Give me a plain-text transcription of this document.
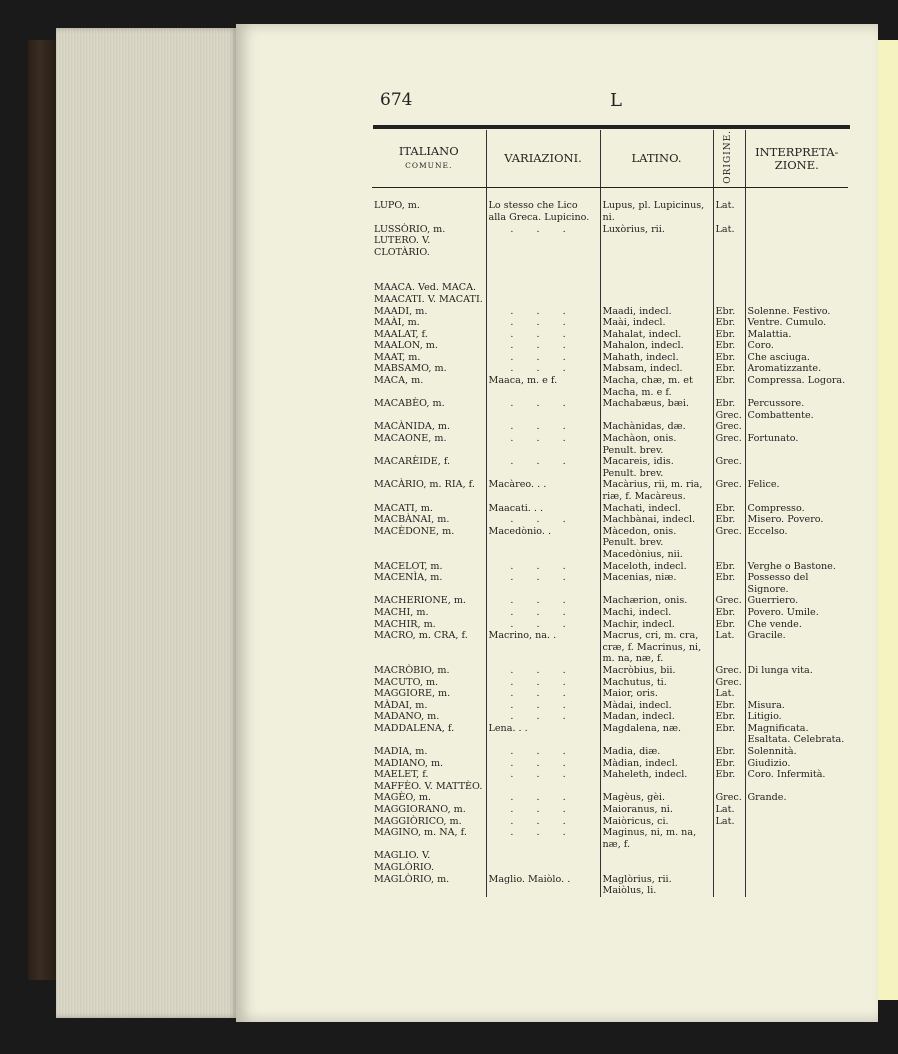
674	L
ITALIANO
COMUNE.	VARIAZIONI.	LATINO.	ORIGINE.	INTERPRETA-ZIONE.

LUPO, m.	Lo stesso che Lico alla Greca. Lupicino.	Lupus, pl. Lupicinus, ni.	Lat.	
LUSSÒRIO, m.	. . .	Luxòrius, rii.	Lat.	
LUTERO. V. CLOTÀRIO.				

MAACA. Ved. MACA.				
MAACATI. V. MACATI.				
MAADI, m.	. . .	Maadi, indecl.	Ebr.	Solenne. Festivo.
MAÀI, m.	. . .	Maài, indecl.	Ebr.	Ventre. Cumulo.
MAALAT, f.	. . .	Mahalat, indecl.	Ebr.	Malattia.
MAALON, m.	. . .	Mahalon, indecl.	Ebr.	Coro.
MAAT, m.	. . .	Mahath, indecl.	Ebr.	Che asciuga.
MABSAMO, m.	. . .	Mabsam, indecl.	Ebr.	Aromatizzante.
MACA, m.	Maaca, m. e f.	Macha, chæ, m. et Macha, m. e f.	Ebr.	Compressa. Logora.
MACABÈO, m.	. . .	Machabæus, bæi.	Ebr. Grec.	Percussore. Combattente.
MACÀNIDA, m.	. . .	Machànidas, dæ.	Grec.	
MACAONE, m.	. . .	Machàon, onis. Penult. brev.	Grec.	Fortunato.
MACARÈIDE, f.	. . .	Macareis, idis. Penult. brev.	Grec.	
MACÀRIO, m. RIA, f.	Macàreo. . .	Macàrius, rii, m. ria, riæ, f. Macàreus.	Grec.	Felice.
MACATI, m.	Maacati. . .	Machati, indecl.	Ebr.	Compresso.
MACBÀNAI, m.	. . .	Machbànai, indecl.	Ebr.	Misero. Povero.
MACÈDONE, m.	Macedònio. .	Màcedon, onis. Penult. brev. Macedònius, nii.	Grec.	Eccelso.
MACELOT, m.	. . .	Maceloth, indecl.	Ebr.	Verghe o Bastone.
MACENÌA, m.	. . .	Macenias, niæ.	Ebr.	Possesso del Signore.
MACHERIONE, m.	. . .	Machærion, onis.	Grec.	Guerriero.
MACHI, m.	. . .	Machi, indecl.	Ebr.	Povero. Umile.
MACHIR, m.	. . .	Machir, indecl.	Ebr.	Che vende.
MACRO, m. CRA, f.	Macrino, na. .	Macrus, cri, m. cra, cræ, f. Macrinus, ni, m. na, næ, f.	Lat.	Gracile.
MACRÒBIO, m.	. . .	Macròbius, bii.	Grec.	Di lunga vita.
MACUTO, m.	. . .	Machutus, ti.	Grec.	
MAGGIORE, m.	. . .	Maior, oris.	Lat.	
MÀDAI, m.	. . .	Màdai, indecl.	Ebr.	Misura.
MADANO, m.	. . .	Madan, indecl.	Ebr.	Litigio.
MADDALENA, f.	Lena. . .	Magdalena, næ.	Ebr.	Magnificata. Esaltata. Celebrata.
MADIA, m.	. . .	Madia, diæ.	Ebr.	Solennità.
MADIANO, m.	. . .	Màdian, indecl.	Ebr.	Giudizio.
MAELET, f.	. . .	Maheleth, indecl.	Ebr.	Coro. Infermità.
MAFFÈO. V. MATTÈO.				
MAGÈO, m.	. . .	Magèus, gèi.	Grec.	Grande.
MAGGIORANO, m.	. . .	Maioranus, ni.	Lat.	
MAGGIÒRICO, m.	. . .	Maiòricus, ci.	Lat.	
MAGINO, m. NA, f.	. . .	Maginus, ni, m. na, næ, f.		
MAGLIO. V. MAGLÒRIO.				
MAGLÒRIO, m.	Maglio. Maiòlo. .	Maglòrius, rii. Maiòlus, li.		
